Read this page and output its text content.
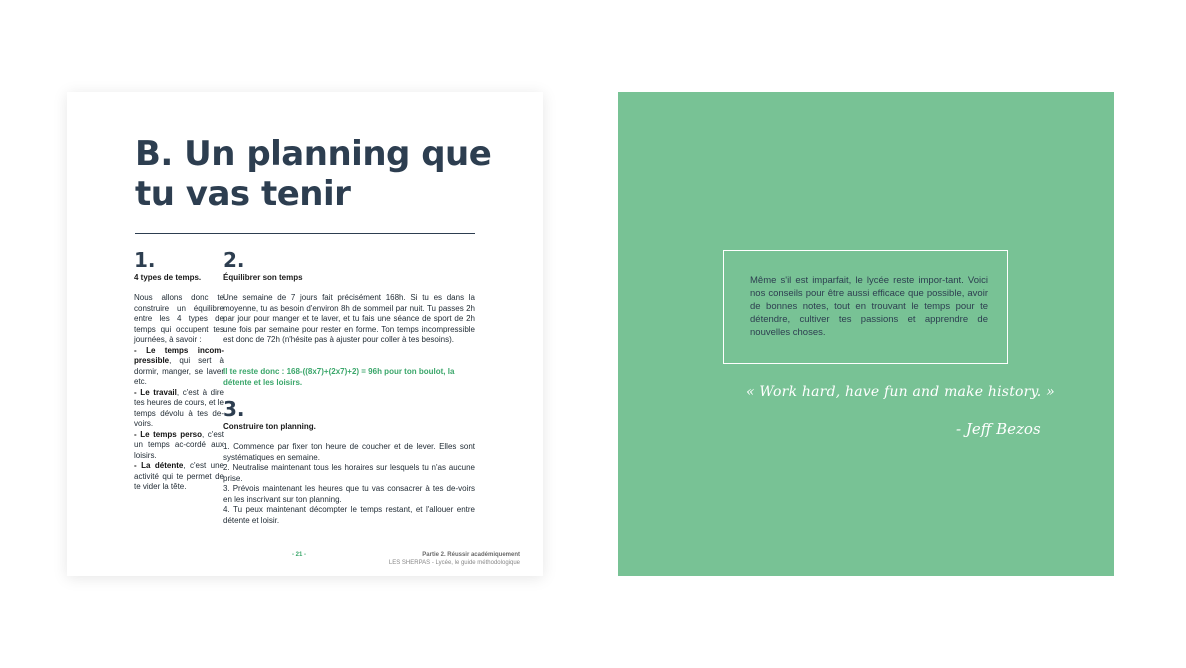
B. Un planning que tu vas tenir
1.
4 types de temps.

Nous allons donc te construire un équilibre entre les 4 types de temps qui occupent tes journées, à savoir :

- Le temps incom-pressible, qui sert à dormir, manger, se laver etc.

- Le travail, c'est à dire tes heures de cours, et le temps dévolu à tes de-voirs.

- Le temps perso, c'est un temps ac-cordé aux loisirs.

- La détente, c'est une activité qui te permet de te vider la tête.

2.
Équilibrer son temps

Une semaine de 7 jours fait précisément 168h. Si tu es dans la moyenne, tu as besoin d'environ 8h de sommeil par nuit. Tu passes 2h par jour pour manger et te laver, et tu fais une séance de sport de 2h une fois par semaine pour rester en forme. Ton temps incompressible est donc de 72h (n'hésite pas à ajuster pour coller à tes besoins).

Il te reste donc : 168-((8x7)+(2x7)+2) = 96h pour ton boulot, la détente et les loisirs.
3.
Construire ton planning.

1. Commence par fixer ton heure de coucher et de lever. Elles sont systématiques en semaine.

2. Neutralise maintenant tous les horaires sur lesquels tu n'as aucune prise.

3. Prévois maintenant les heures que tu vas consacrer à tes de-voirs en les inscrivant sur ton planning.

4. Tu peux maintenant décompter le temps restant, et l'allouer entre détente et loisir.

- 21 -	Partie 2. Réussir académiquement
LES SHERPAS - Lycée, le guide méthodologique

Même s'il est imparfait, le lycée reste impor-tant. Voici nos conseils pour être aussi efficace que possible, avoir de bonnes notes, tout en trouvant le temps pour te détendre, cultiver tes passions et apprendre de nouvelles choses.

« Work hard, have fun and make history. »
- Jeff Bezos
